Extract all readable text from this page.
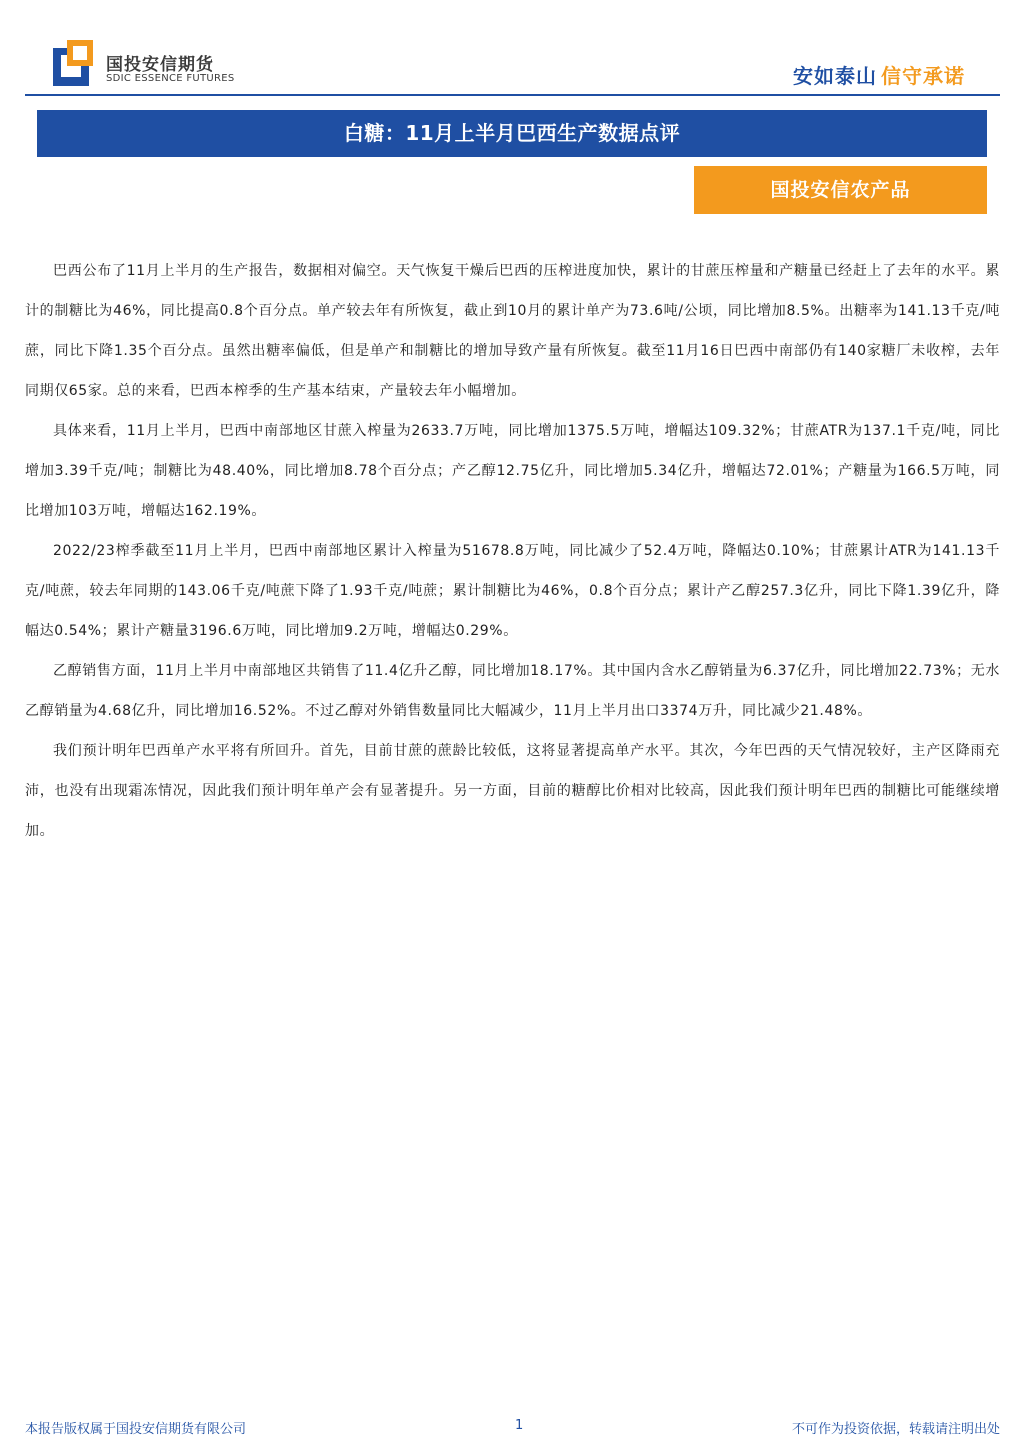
国投安信期货
SDIC ESSENCE FUTURES	安如泰山 信守承诺
白糖：11月上半月巴西生产数据点评
国投安信农产品

巴西公布了11月上半月的生产报告，数据相对偏空。天气恢复干燥后巴西的压榨进度加快，累计的甘蔗压榨量和产糖量已经赶上了去年的水平。累计的制糖比为46%，同比提高0.8个百分点。单产较去年有所恢复，截止到10月的累计单产为73.6吨/公顷，同比增加8.5%。出糖率为141.13千克/吨蔗，同比下降1.35个百分点。虽然出糖率偏低，但是单产和制糖比的增加导致产量有所恢复。截至11月16日巴西中南部仍有140家糖厂未收榨，去年同期仅65家。总的来看，巴西本榨季的生产基本结束，产量较去年小幅增加。

具体来看，11月上半月，巴西中南部地区甘蔗入榨量为2633.7万吨，同比增加1375.5万吨，增幅达109.32%；甘蔗ATR为137.1千克/吨，同比增加3.39千克/吨；制糖比为48.40%，同比增加8.78个百分点；产乙醇12.75亿升，同比增加5.34亿升，增幅达72.01%；产糖量为166.5万吨，同比增加103万吨，增幅达162.19%。

2022/23榨季截至11月上半月，巴西中南部地区累计入榨量为51678.8万吨，同比减少了52.4万吨，降幅达0.10%；甘蔗累计ATR为141.13千克/吨蔗，较去年同期的143.06千克/吨蔗下降了1.93千克/吨蔗；累计制糖比为46%，0.8个百分点；累计产乙醇257.3亿升，同比下降1.39亿升，降幅达0.54%；累计产糖量3196.6万吨，同比增加9.2万吨，增幅达0.29%。

乙醇销售方面，11月上半月中南部地区共销售了11.4亿升乙醇，同比增加18.17%。其中国内含水乙醇销量为6.37亿升，同比增加22.73%；无水乙醇销量为4.68亿升，同比增加16.52%。不过乙醇对外销售数量同比大幅减少，11月上半月出口3374万升，同比减少21.48%。

我们预计明年巴西单产水平将有所回升。首先，目前甘蔗的蔗龄比较低，这将显著提高单产水平。其次，今年巴西的天气情况较好，主产区降雨充沛，也没有出现霜冻情况，因此我们预计明年单产会有显著提升。另一方面，目前的糖醇比价相对比较高，因此我们预计明年巴西的制糖比可能继续增加。

本报告版权属于国投安信期货有限公司	1	不可作为投资依据，转载请注明出处
